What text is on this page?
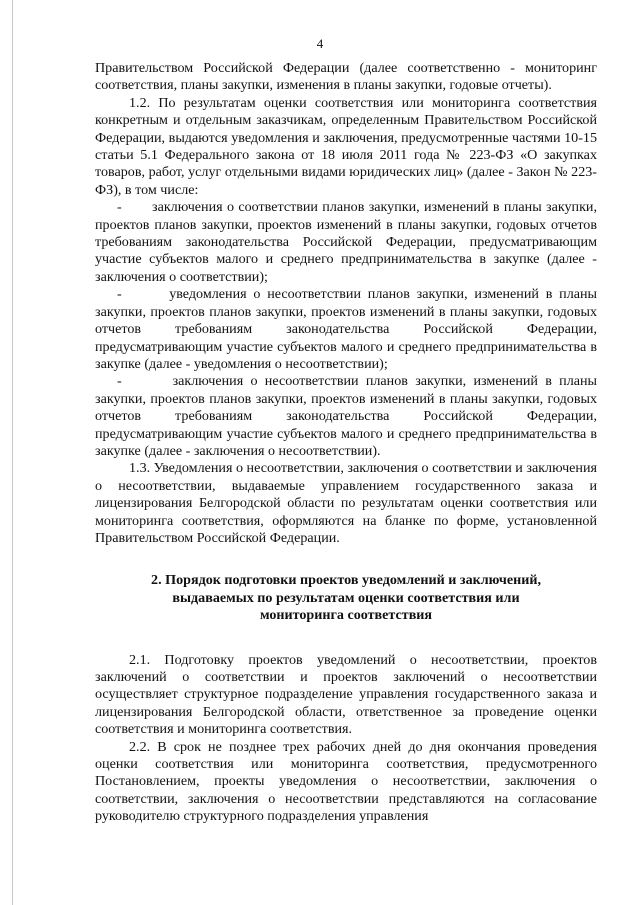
4

Правительством Российской Федерации (далее соответственно - мониторинг соответствия, планы закупки, изменения в планы закупки, годовые отчеты).

1.2. По результатам оценки соответствия или мониторинга соответствия конкретным и отдельным заказчикам, определенным Правительством Российской Федерации, выдаются уведомления и заключения, предусмотренные частями 10-15 статьи 5.1 Федерального закона от 18 июля 2011 года № 223-ФЗ «О закупках товаров, работ, услуг отдельными видами юридических лиц» (далее - Закон № 223-ФЗ), в том числе:

-       заключения о соответствии планов закупки, изменений в планы закупки, проектов планов закупки, проектов изменений в планы закупки, годовых отчетов требованиям законодательства Российской Федерации, предусматривающим участие субъектов малого и среднего предпринимательства в закупке (далее - заключения о соответствии);

-       уведомления о несоответствии планов закупки, изменений в планы закупки, проектов планов закупки, проектов изменений в планы закупки, годовых отчетов требованиям законодательства Российской Федерации, предусматривающим участие субъектов малого и среднего предпринимательства в закупке (далее - уведомления о несоответствии);

-       заключения о несоответствии планов закупки, изменений в планы закупки, проектов планов закупки, проектов изменений в планы закупки, годовых отчетов требованиям законодательства Российской Федерации, предусматривающим участие субъектов малого и среднего предпринимательства в закупке (далее - заключения о несоответствии).

1.3. Уведомления о несоответствии, заключения о соответствии и заключения о несоответствии, выдаваемые управлением государственного заказа и лицензирования Белгородской области по результатам оценки соответствия или мониторинга соответствия, оформляются на бланке по форме, установленной Правительством Российской Федерации.

2. Порядок подготовки проектов уведомлений и заключений,
выдаваемых по результатам оценки соответствия или
мониторинга соответствия

2.1. Подготовку проектов уведомлений о несоответствии, проектов заключений о соответствии и проектов заключений о несоответствии осуществляет структурное подразделение управления государственного заказа и лицензирования Белгородской области, ответственное за проведение оценки соответствия и мониторинга соответствия.

2.2. В срок не позднее трех рабочих дней до дня окончания проведения оценки соответствия или мониторинга соответствия, предусмотренного Постановлением, проекты уведомления о несоответствии, заключения о соответствии, заключения о несоответствии представляются на согласование руководителю структурного подразделения управления
